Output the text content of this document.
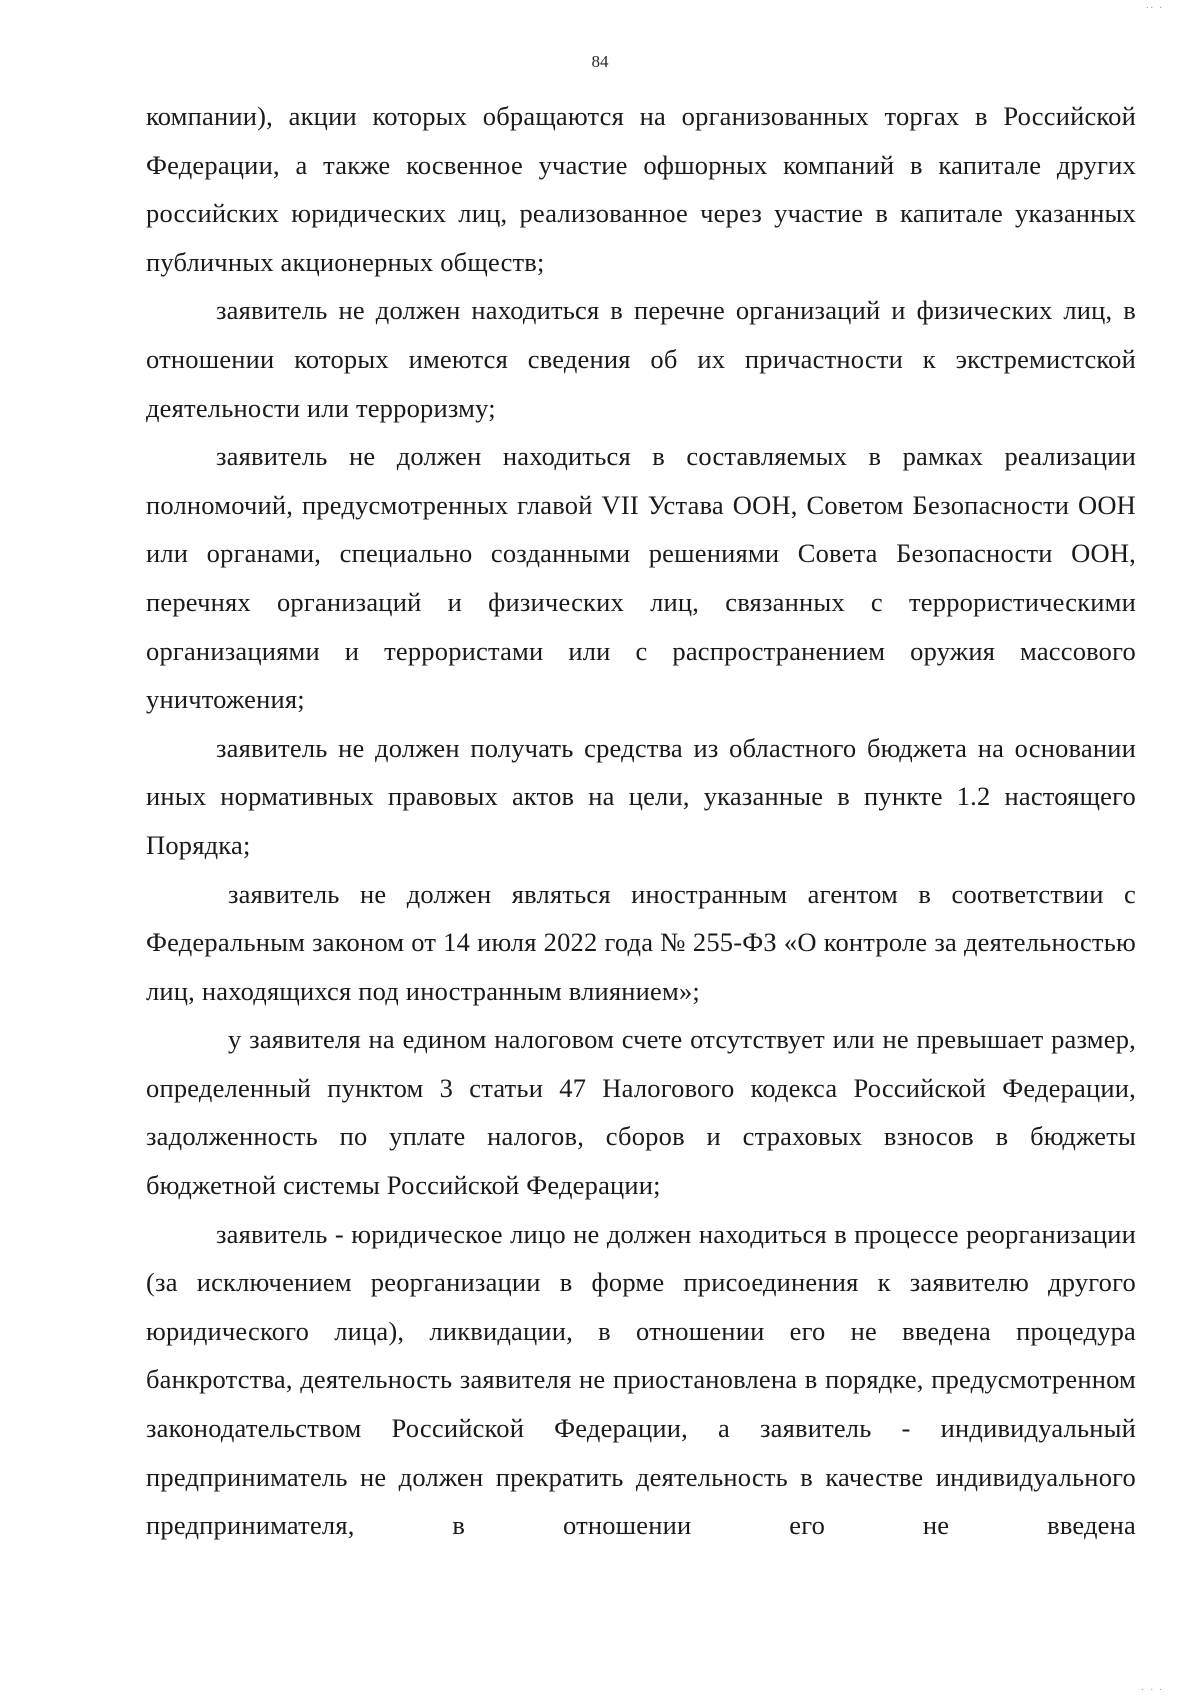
.. .
84

компании), акции которых обращаются на организованных торгах в Российской Федерации, а также косвенное участие офшорных компаний в капитале других российских юридических лиц, реализованное через участие в капитале указанных публичных акционерных обществ;

заявитель не должен находиться в перечне организаций и физических лиц, в отношении которых имеются сведения об их причастности к экстремистской деятельности или терроризму;

заявитель не должен находиться в составляемых в рамках реализации полномочий, предусмотренных главой VII Устава ООН, Советом Безопасности ООН или органами, специально созданными решениями Совета Безопасности ООН, перечнях организаций и физических лиц, связанных с террористическими организациями и террористами или с распространением оружия массового уничтожения;

заявитель не должен получать средства из областного бюджета на основании иных нормативных правовых актов на цели, указанные в пункте 1.2 настоящего Порядка;

заявитель не должен являться иностранным агентом в соответствии с Федеральным законом от 14 июля 2022 года № 255-ФЗ «О контроле за деятельностью лиц, находящихся под иностранным влиянием»;

у заявителя на едином налоговом счете отсутствует или не превышает размер, определенный пунктом 3 статьи 47 Налогового кодекса Российской Федерации, задолженность по уплате налогов, сборов и страховых взносов в бюджеты бюджетной системы Российской Федерации;

заявитель - юридическое лицо не должен находиться в процессе реорганизации (за исключением реорганизации в форме присоединения к заявителю другого юридического лица), ликвидации, в отношении его не введена процедура банкротства, деятельность заявителя не приостановлена в порядке, предусмотренном законодательством Российской Федерации, а заявитель - индивидуальный предприниматель не должен прекратить деятельность в качестве индивидуального предпринимателя, в отношении его не введена

. . .
